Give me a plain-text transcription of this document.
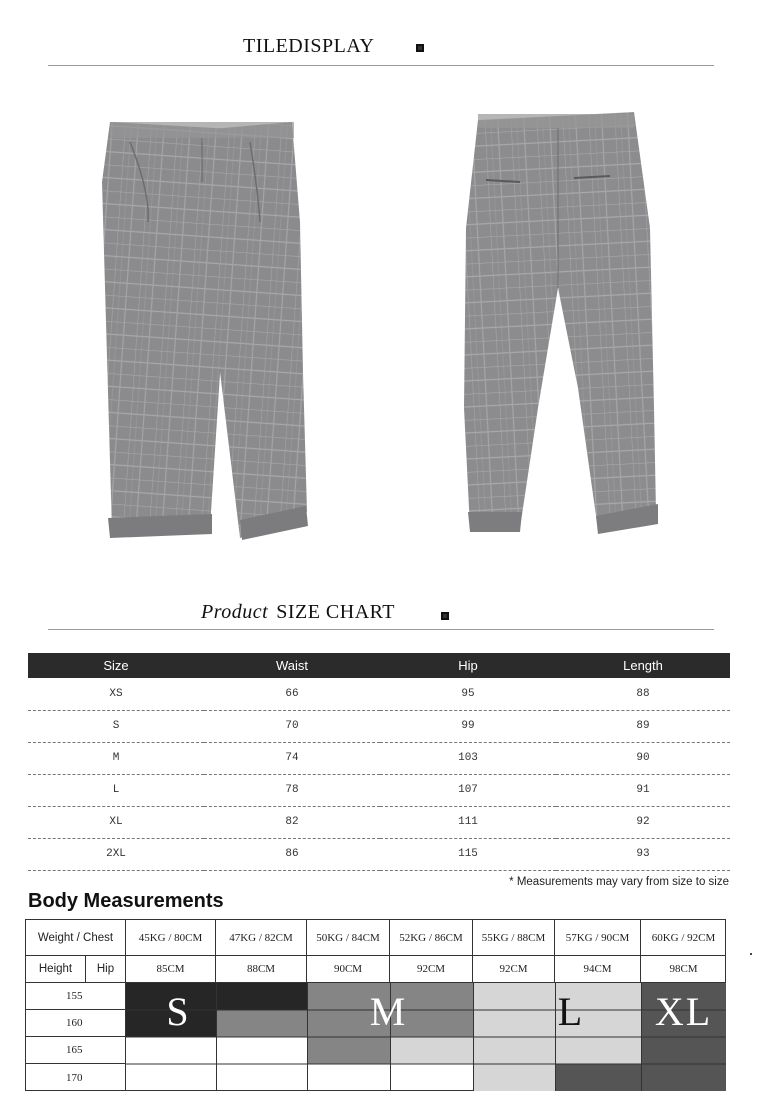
TILEDISPLAY
Product SIZE CHART
Size	Waist	Hip	Length
XS	66	95	88
S	70	99	89
M	74	103	90
L	78	107	91
XL	82	111	92
2XL	86	115	93
* Measurements may vary from size to size
Body Measurements
Weight / Chest	45KG / 80CM	47KG / 82CM	50KG / 84CM	52KG / 86CM	55KG / 88CM	57KG / 90CM	60KG / 92CM
Height	Hip	85CM	88CM	90CM	92CM	92CM	94CM	98CM
155
160
165
170
S	M	L	XL
